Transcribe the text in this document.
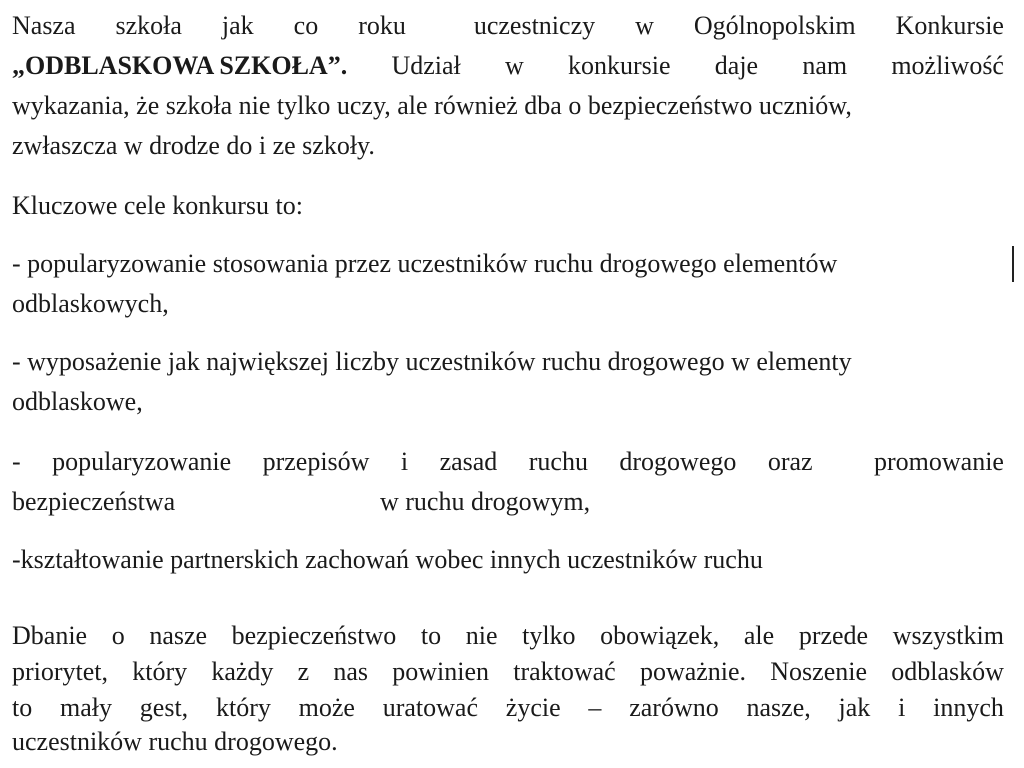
Nasza szkoła jak co roku	uczestniczy w Ogólnopolskim Konkursie
„ODBLASKOWA SZKOŁA”. Udział w konkursie daje nam możliwość
wykazania, że szkoła nie tylko uczy, ale również dba o bezpieczeństwo uczniów,
zwłaszcza w drodze do i ze szkoły.
Kluczowe cele konkursu to:
- popularyzowanie stosowania przez uczestników ruchu drogowego elementów
odblaskowych,
- wyposażenie jak największej liczby uczestników ruchu drogowego w elementy
odblaskowe,
- popularyzowanie przepisów i zasad ruchu drogowego oraz promowanie
bezpieczeństwa	w ruchu drogowym,
-kształtowanie partnerskich zachowań wobec innych uczestników ruchu
Dbanie o nasze bezpieczeństwo to nie tylko obowiązek, ale przede wszystkim
priorytet, który każdy z nas powinien traktować poważnie. Noszenie odblasków
to mały gest, który może uratować życie – zarówno nasze, jak i innych
uczestników ruchu drogowego.
